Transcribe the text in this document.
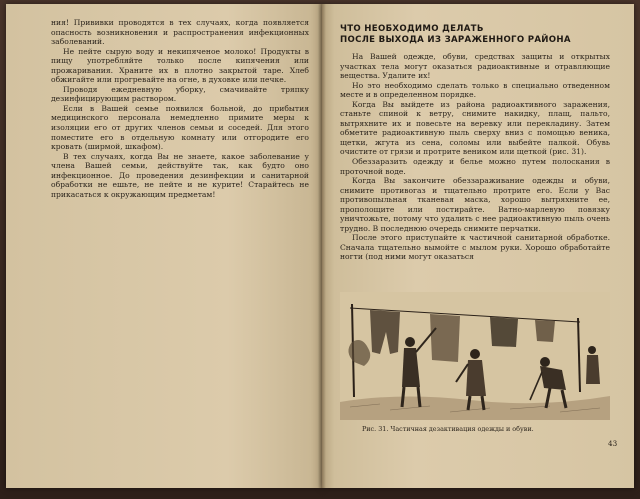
ния! Прививки проводятся в тех случаях, когда появляется опасность возникновения и распространения инфекционных заболеваний.

Не пейте сырую воду и некипяченое молоко! Продукты в пищу употребляйте только после кипячения или прожаривания. Храните их в плотно закрытой таре. Хлеб обжигайте или прогревайте на огне, в духовке или печке.

Проводя ежедневную уборку, смачивайте тряпку дезинфицирующим раствором.

Если в Вашей семье появился больной, до прибытия медицинского персонала немедленно примите меры к изоляции его от других членов семьи и соседей. Для этого поместите его в отдельную комнату или отгородите его кровать (ширмой, шкафом).

В тех случаях, когда Вы не знаете, какое заболевание у члена Вашей семьи, действуйте так, как будто оно инфекционное. До проведения дезинфекции и санитарной обработки не ешьте, не пейте и не курите! Старайтесь не прикасаться к окружающим предметам!

ЧТО НЕОБХОДИМО ДЕЛАТЬ
ПОСЛЕ ВЫХОДА ИЗ ЗАРАЖЕННОГО РАЙОНА

На Вашей одежде, обуви, средствах защиты и открытых участках тела могут оказаться радиоактивные и отравляющие вещества. Удалите их!

Но это необходимо сделать только в специально отведенном месте и в определенном порядке.

Когда Вы выйдете из района радиоактивного заражения, станьте спиной к ветру, снимите накидку, плащ, пальто, вытряхните их и повесьте на веревку или перекладину. Затем обметите радиоактивную пыль сверху вниз с помощью веника, щетки, жгута из сена, соломы или выбейте палкой. Обувь очистите от грязи и протрите веником или щеткой (рис. 31).

Обеззаразить одежду и белье можно путем полоскания в проточной воде.

Когда Вы закончите обеззараживание одежды и обуви, снимите противогаз и тщательно протрите его. Если у Вас противопыльная тканевая маска, хорошо вытряхните ее, прополощите или постирайте. Ватно-марлевую повязку уничтожьте, потому что удалить с нее радиоактивную пыль очень трудно. В последнюю очередь снимите перчатки.

После этого приступайте к частичной санитарной обработке. Сначала тщательно вымойте с мылом руки. Хорошо обработайте ногти (под ними могут оказаться

Рис. 31. Частичная дезактивация одежды и обуви.
43
